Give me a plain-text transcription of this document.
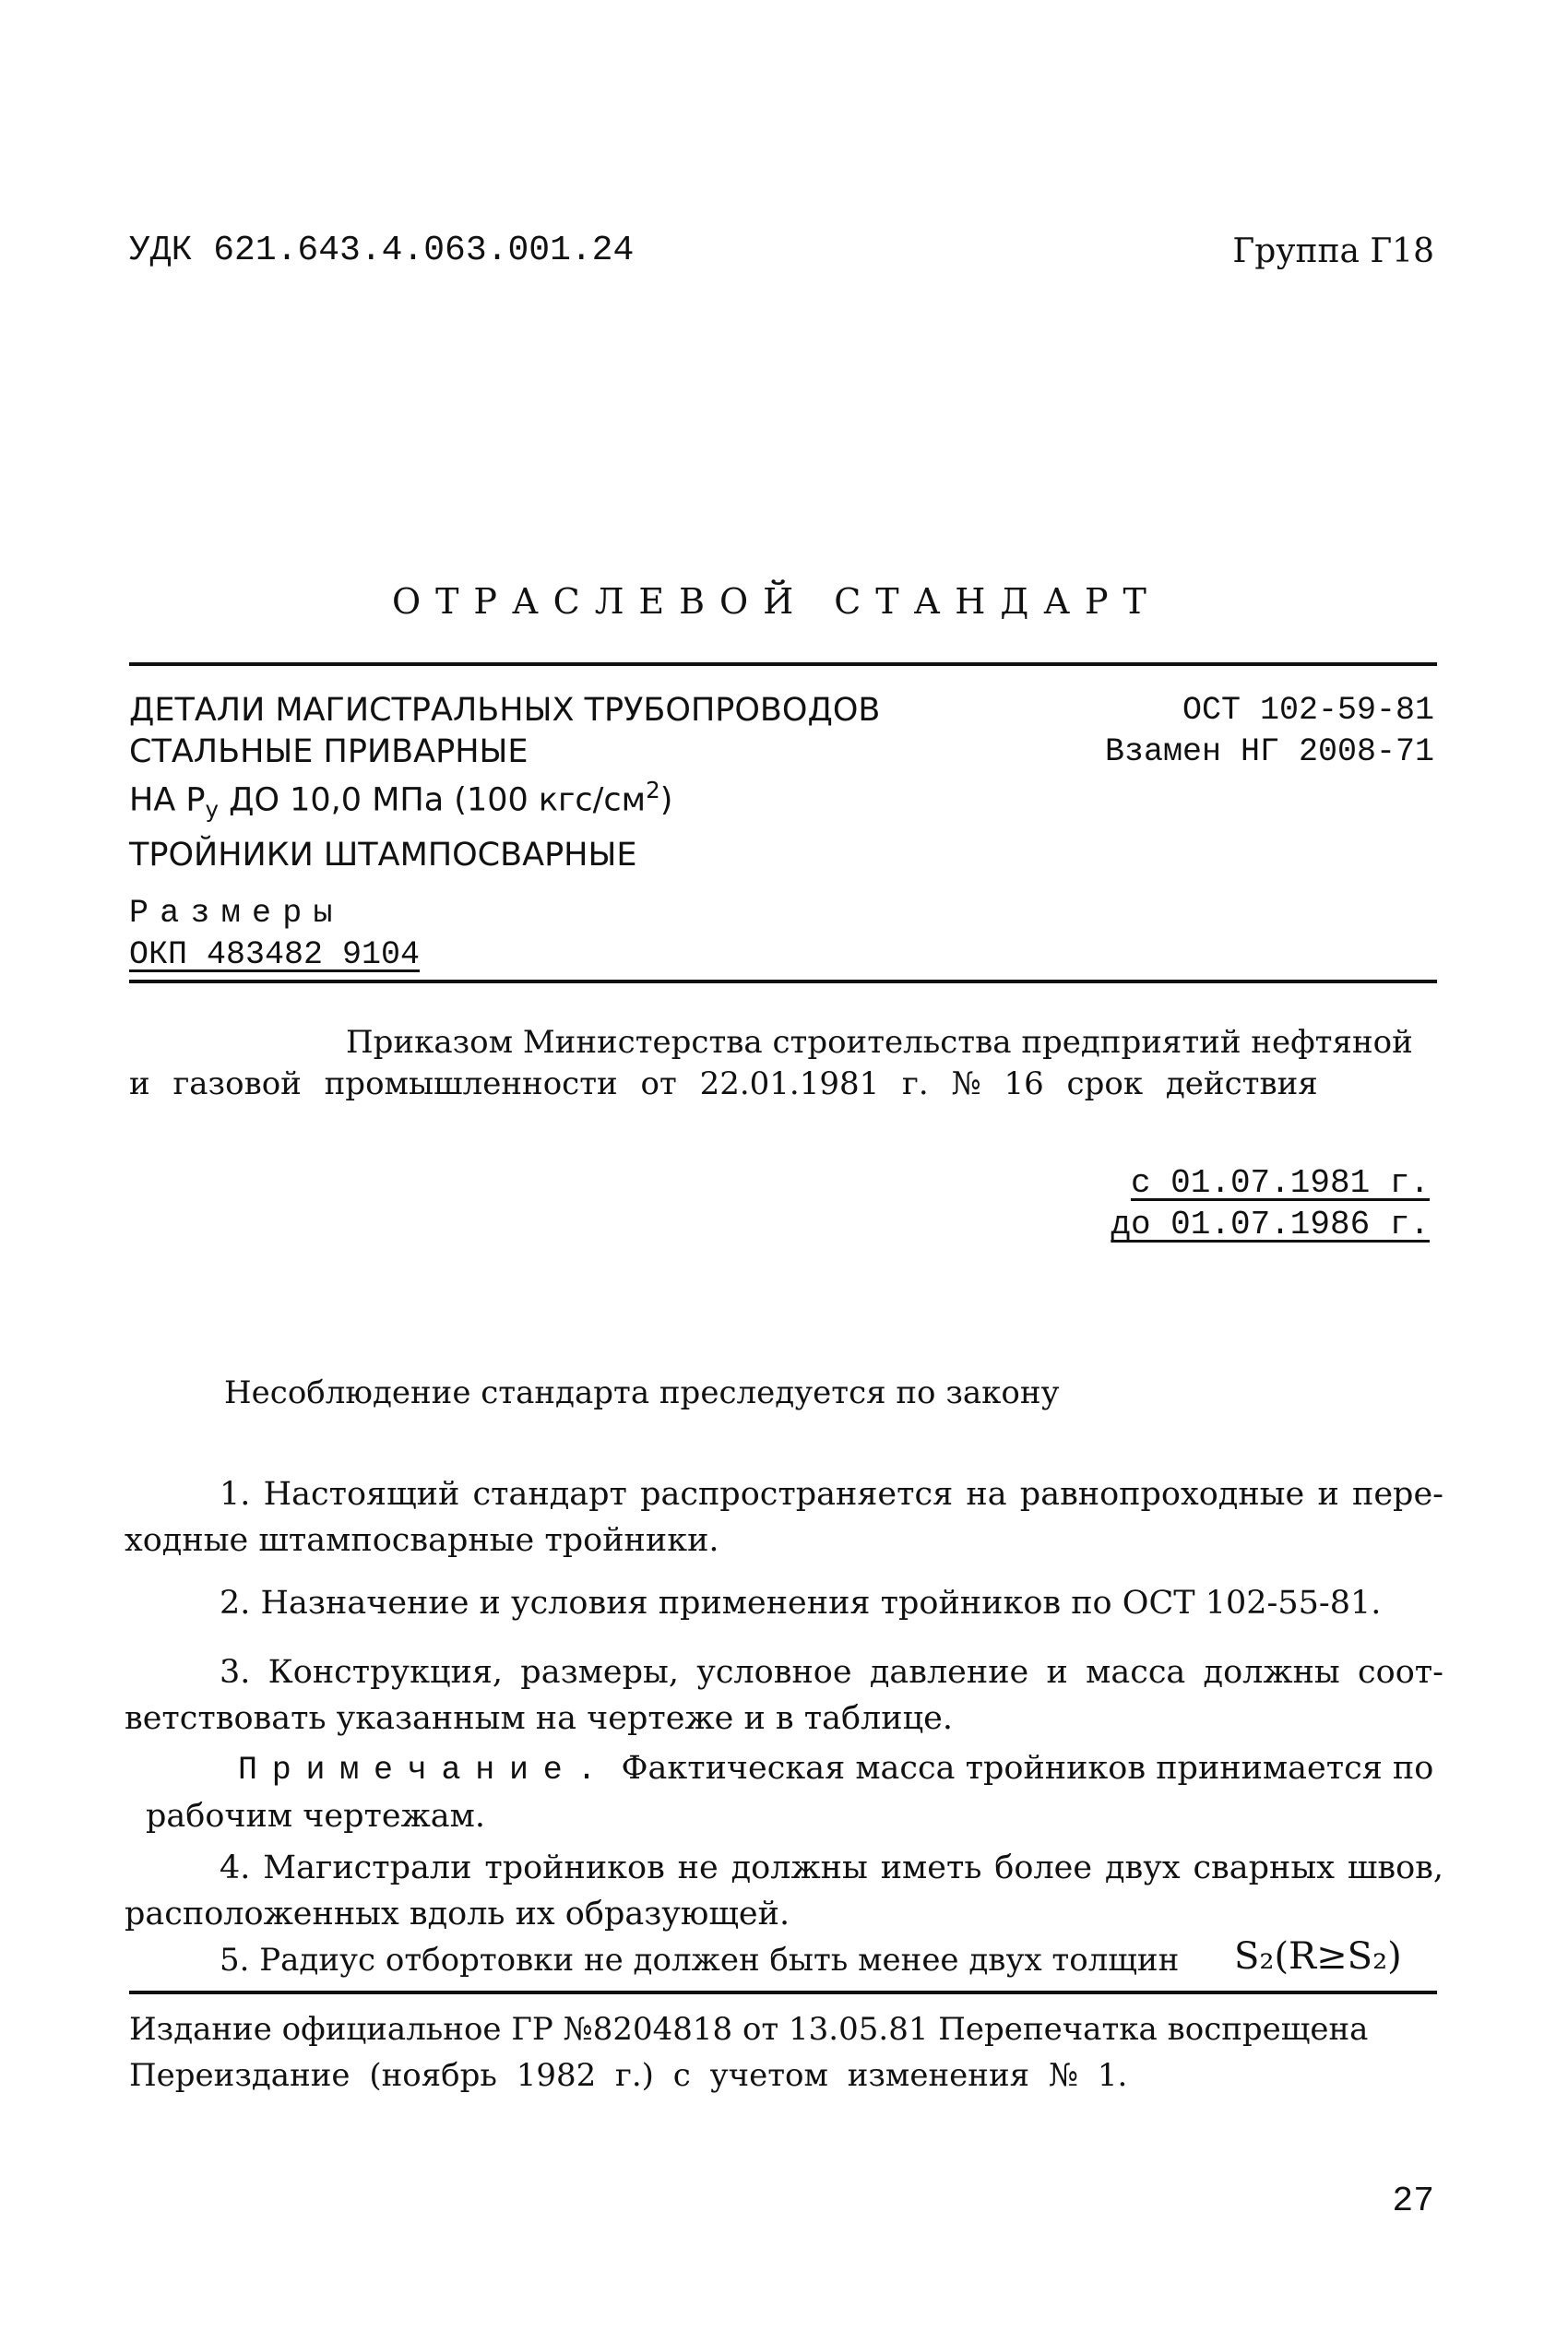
УДК 621.643.4.063.001.24	Группа Г18
ОТРАСЛЕВОЙ СТАНДАРТ
ДЕТАЛИ МАГИСТРАЛЬНЫХ ТРУБОПРОВОДОВ
СТАЛЬНЫЕ ПРИВАРНЫЕ
НА $Р_у$ ДО 10,0 МПа (100 кгс/$см^2$)
ТРОЙНИКИ ШТАМПОСВАРНЫЕ
Размеры
ОКП 483482 9104
ОСТ 102-59-81
Взамен НГ 2008-71
Приказом Министерства строительства предприятий нефтяной
и газовой промышленности от 22.01.1981 г. № 16 срок действия
с 01.07.1981 г.
до 01.07.1986 г.
Несоблюдение стандарта преследуется по закону
1. Настоящий стандарт распространяется на равнопроходные и пере- ходные штампосварные тройники.
2. Назначение и условия применения тройников по ОСТ 102-55-81.
3. Конструкция, размеры, условное давление и масса должны соот- ветствовать указанным на чертеже и в таблице.
Примечание. Фактическая масса тройников принимается по рабочим чертежам.
4. Магистрали тройников не должны иметь более двух сварных швов, расположенных вдоль их образующей.
5. Радиус отбортовки не должен быть менее двух толщин S₂(R≥S₂)
Издание официальное ГР №8204818 от 13.05.81 Перепечатка воспрещена
Переиздание (ноябрь 1982 г.) с учетом изменения № 1.
27
